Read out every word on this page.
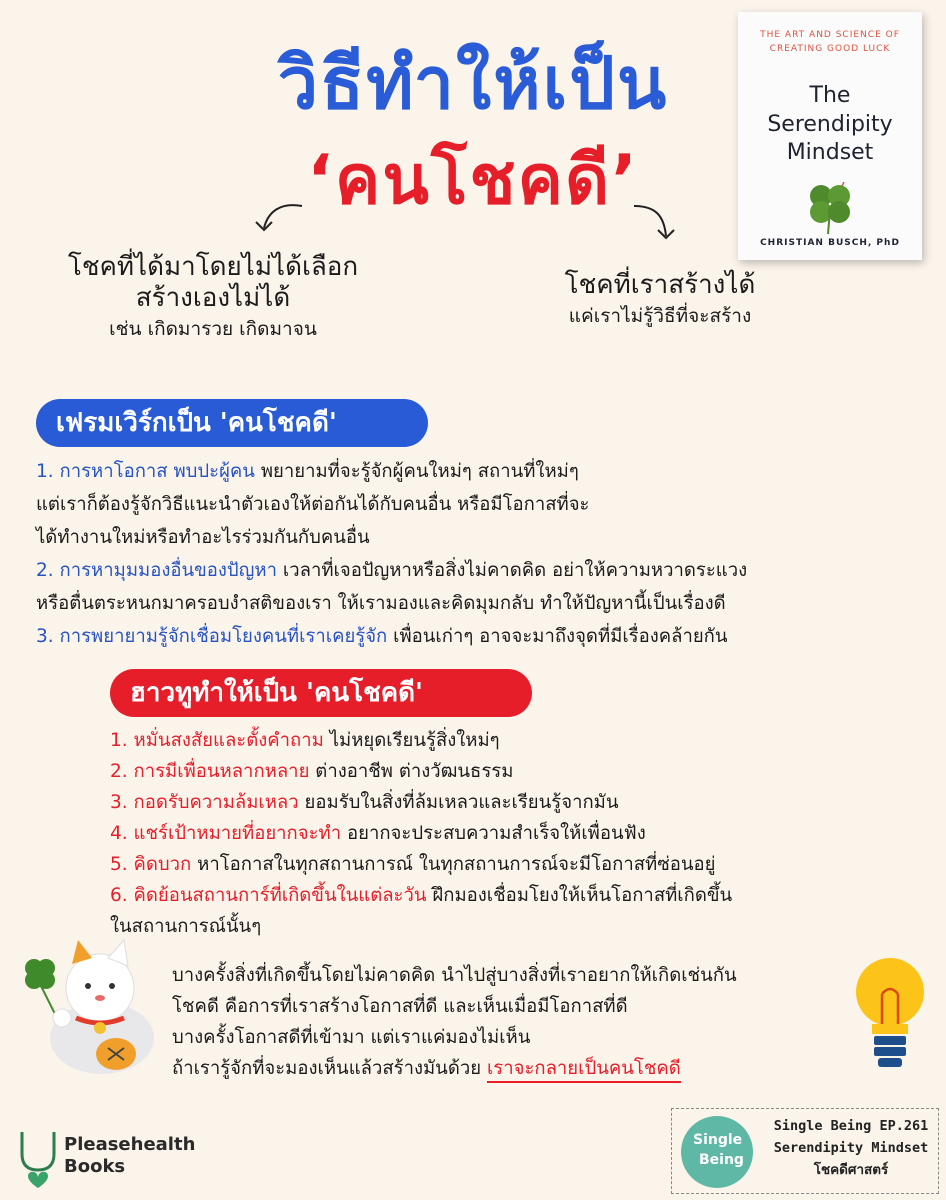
วิธีทำให้เป็น
‘คนโชคดี’
THE ART AND SCIENCE OF
CREATING GOOD LUCK
The
Serendipity
Mindset
CHRISTIAN BUSCH, PhD
โชคที่ได้มาโดยไม่ได้เลือก
สร้างเองไม่ได้
เช่น เกิดมารวย เกิดมาจน
โชคที่เราสร้างได้
แค่เราไม่รู้วิธีที่จะสร้าง
เฟรมเวิร์กเป็น 'คนโชคดี'
1. การหาโอกาส พบปะผู้คน พยายามที่จะรู้จักผู้คนใหม่ๆ สถานที่ใหม่ๆ
แต่เราก็ต้องรู้จักวิธีแนะนำตัวเองให้ต่อกันได้กับคนอื่น หรือมีโอกาสที่จะ
ได้ทำงานใหม่หรือทำอะไรร่วมกันกับคนอื่น
2. การหามุมมองอื่นของปัญหา เวลาที่เจอปัญหาหรือสิ่งไม่คาดคิด อย่าให้ความหวาดระแวง
หรือตื่นตระหนกมาครอบงำสติของเรา ให้เรามองและคิดมุมกลับ ทำให้ปัญหานี้เป็นเรื่องดี
3. การพยายามรู้จักเชื่อมโยงคนที่เราเคยรู้จัก เพื่อนเก่าๆ อาจจะมาถึงจุดที่มีเรื่องคล้ายกัน
ฮาวทูทำให้เป็น 'คนโชคดี'
1. หมั่นสงสัยและตั้งคำถาม ไม่หยุดเรียนรู้สิ่งใหม่ๆ
2. การมีเพื่อนหลากหลาย ต่างอาชีพ ต่างวัฒนธรรม
3. กอดรับความล้มเหลว ยอมรับในสิ่งที่ล้มเหลวและเรียนรู้จากมัน
4. แชร์เป้าหมายที่อยากจะทำ อยากจะประสบความสำเร็จให้เพื่อนฟัง
5. คิดบวก หาโอกาสในทุกสถานการณ์ ในทุกสถานการณ์จะมีโอกาสที่ซ่อนอยู่
6. คิดย้อนสถานการ์ที่เกิดขึ้นในแต่ละวัน ฝึกมองเชื่อมโยงให้เห็นโอกาสที่เกิดขึ้น
ในสถานการณ์นั้นๆ
บางครั้งสิ่งที่เกิดขึ้นโดยไม่คาดคิด นำไปสู่บางสิ่งที่เราอยากให้เกิดเช่นกัน
โชคดี คือการที่เราสร้างโอกาสที่ดี และเห็นเมื่อมีโอกาสที่ดี
บางครั้งโอกาสดีที่เข้ามา แต่เราแค่มองไม่เห็น
ถ้าเรารู้จักที่จะมองเห็นแล้วสร้างมันด้วย เราจะกลายเป็นคนโชคดี
Pleasehealth
Books
Single
Being
Single Being EP.261
Serendipity Mindset
โชคดีศาสตร์
